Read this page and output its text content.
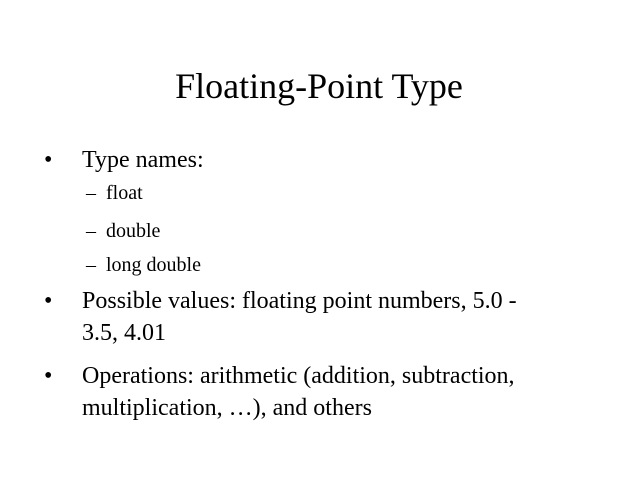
Floating-Point Type
•	Type names:
– float
– double
– long double
•	Possible values: floating point numbers, 5.0 -
3.5, 4.01
•	Operations: arithmetic (addition, subtraction,
multiplication, …), and others
